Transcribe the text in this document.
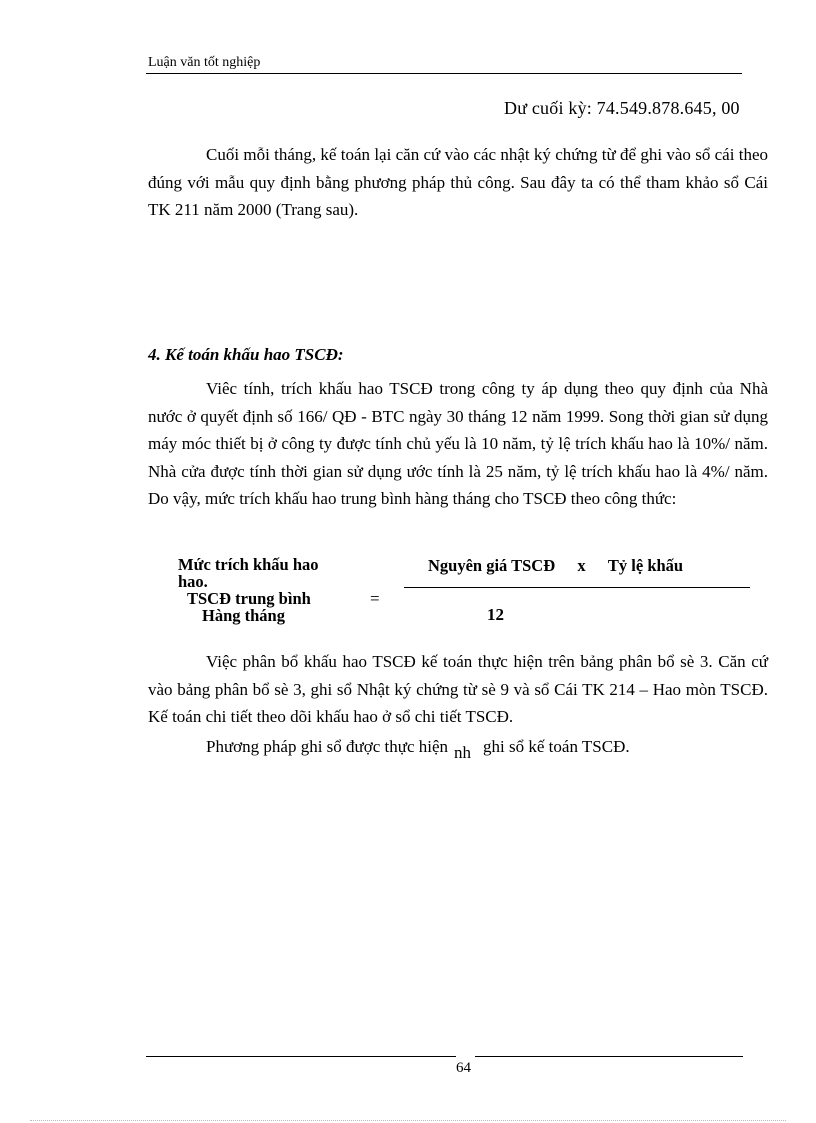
Luận văn tốt nghiệp
Dư cuối kỳ: 74.549.878.645, 00
Cuối mỗi tháng, kế toán lại căn cứ vào các nhật ký chứng từ để ghi vào sổ cái theo đúng với mẫu quy định bằng phương pháp thủ công. Sau đây ta có thể tham khảo sổ Cái TK 211 năm 2000 (Trang sau).
4. Kế toán khấu hao TSCĐ:
Viêc tính, trích khấu hao TSCĐ trong công ty áp dụng theo quy định của Nhà nước ở quyết định số 166/ QĐ - BTC ngày 30 tháng 12 năm 1999. Song thời gian sử dụng máy móc thiết bị ở công ty được tính chủ yếu là 10 năm, tỷ lệ trích khấu hao là 10%/ năm. Nhà cửa được tính thời gian sử dụng ước tính là 25 năm, tỷ lệ trích khấu hao là 4%/ năm. Do vậy, mức trích khấu hao trung bình hàng tháng cho TSCĐ theo công thức:
Mức trích khấu hao
hao.
TSCĐ trung bình
Hàng tháng
=
Nguyên giá TSCĐ x Tỷ lệ khấu
12
Việc phân bổ khấu hao TSCĐ kế toán thực hiện trên bảng phân bổ sè 3. Căn cứ vào bảng phân bổ sè 3, ghi sổ Nhật ký chứng từ sè 9 và sổ Cái TK 214 – Hao mòn TSCĐ. Kế toán chi tiết theo dõi khấu hao ở sổ chi tiết TSCĐ.
Phương pháp ghi sổ được thực hiện nh ghi sổ kế toán TSCĐ.
64
